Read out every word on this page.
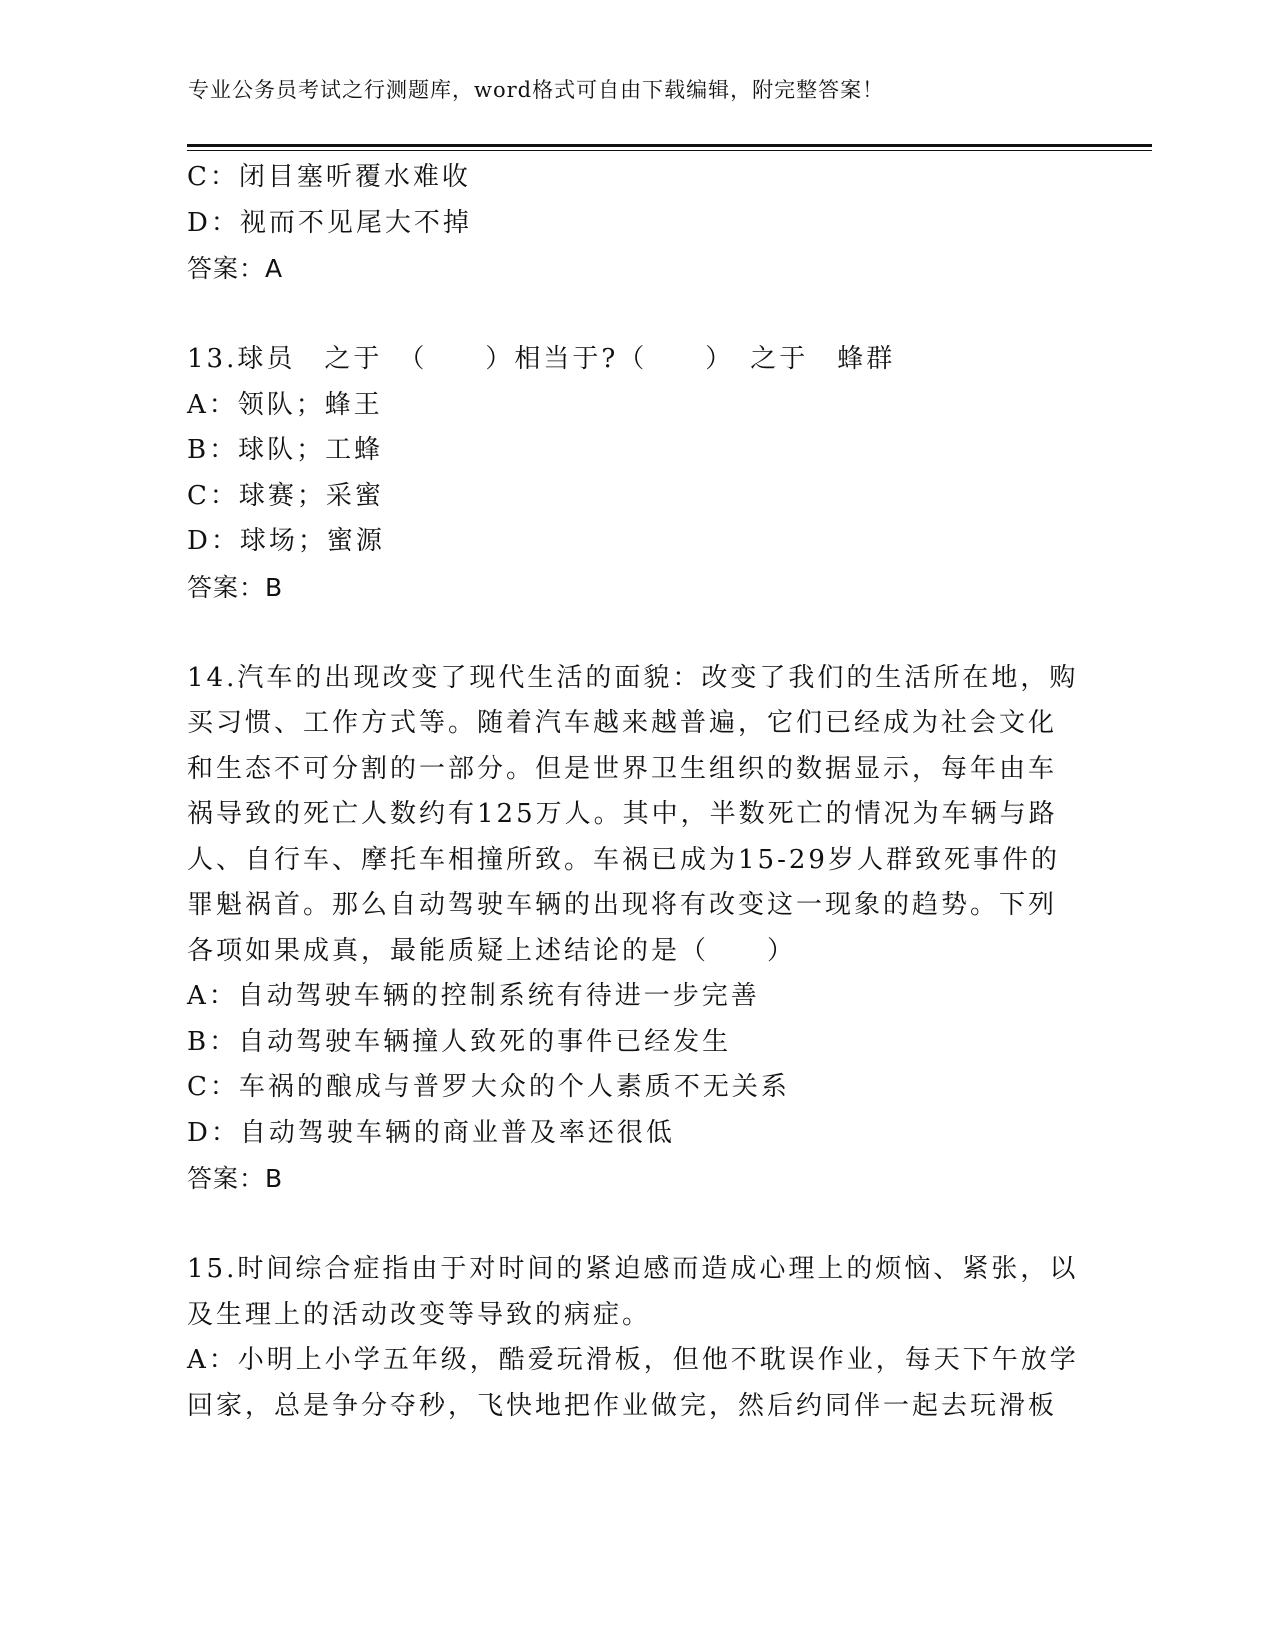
专业公务员考试之行测题库，word格式可自由下载编辑，附完整答案！
C：闭目塞听覆水难收
D：视而不见尾大不掉
答案：A
13.球员　之于　（　　）相当于?（　　）　之于　蜂群
A：领队；蜂王
B：球队；工蜂
C：球赛；采蜜
D：球场；蜜源
答案：B
14.汽车的出现改变了现代生活的面貌：改变了我们的生活所在地，购
买习惯、工作方式等。随着汽车越来越普遍，它们已经成为社会文化
和生态不可分割的一部分。但是世界卫生组织的数据显示，每年由车
祸导致的死亡人数约有125万人。其中，半数死亡的情况为车辆与路
人、自行车、摩托车相撞所致。车祸已成为15-29岁人群致死事件的
罪魁祸首。那么自动驾驶车辆的出现将有改变这一现象的趋势。下列
各项如果成真，最能质疑上述结论的是（　　）
A：自动驾驶车辆的控制系统有待进一步完善
B：自动驾驶车辆撞人致死的事件已经发生
C：车祸的酿成与普罗大众的个人素质不无关系
D：自动驾驶车辆的商业普及率还很低
答案：B
15.时间综合症指由于对时间的紧迫感而造成心理上的烦恼、紧张，以
及生理上的活动改变等导致的病症。
A：小明上小学五年级，酷爱玩滑板，但他不耽误作业，每天下午放学
回家，总是争分夺秒，飞快地把作业做完，然后约同伴一起去玩滑板
